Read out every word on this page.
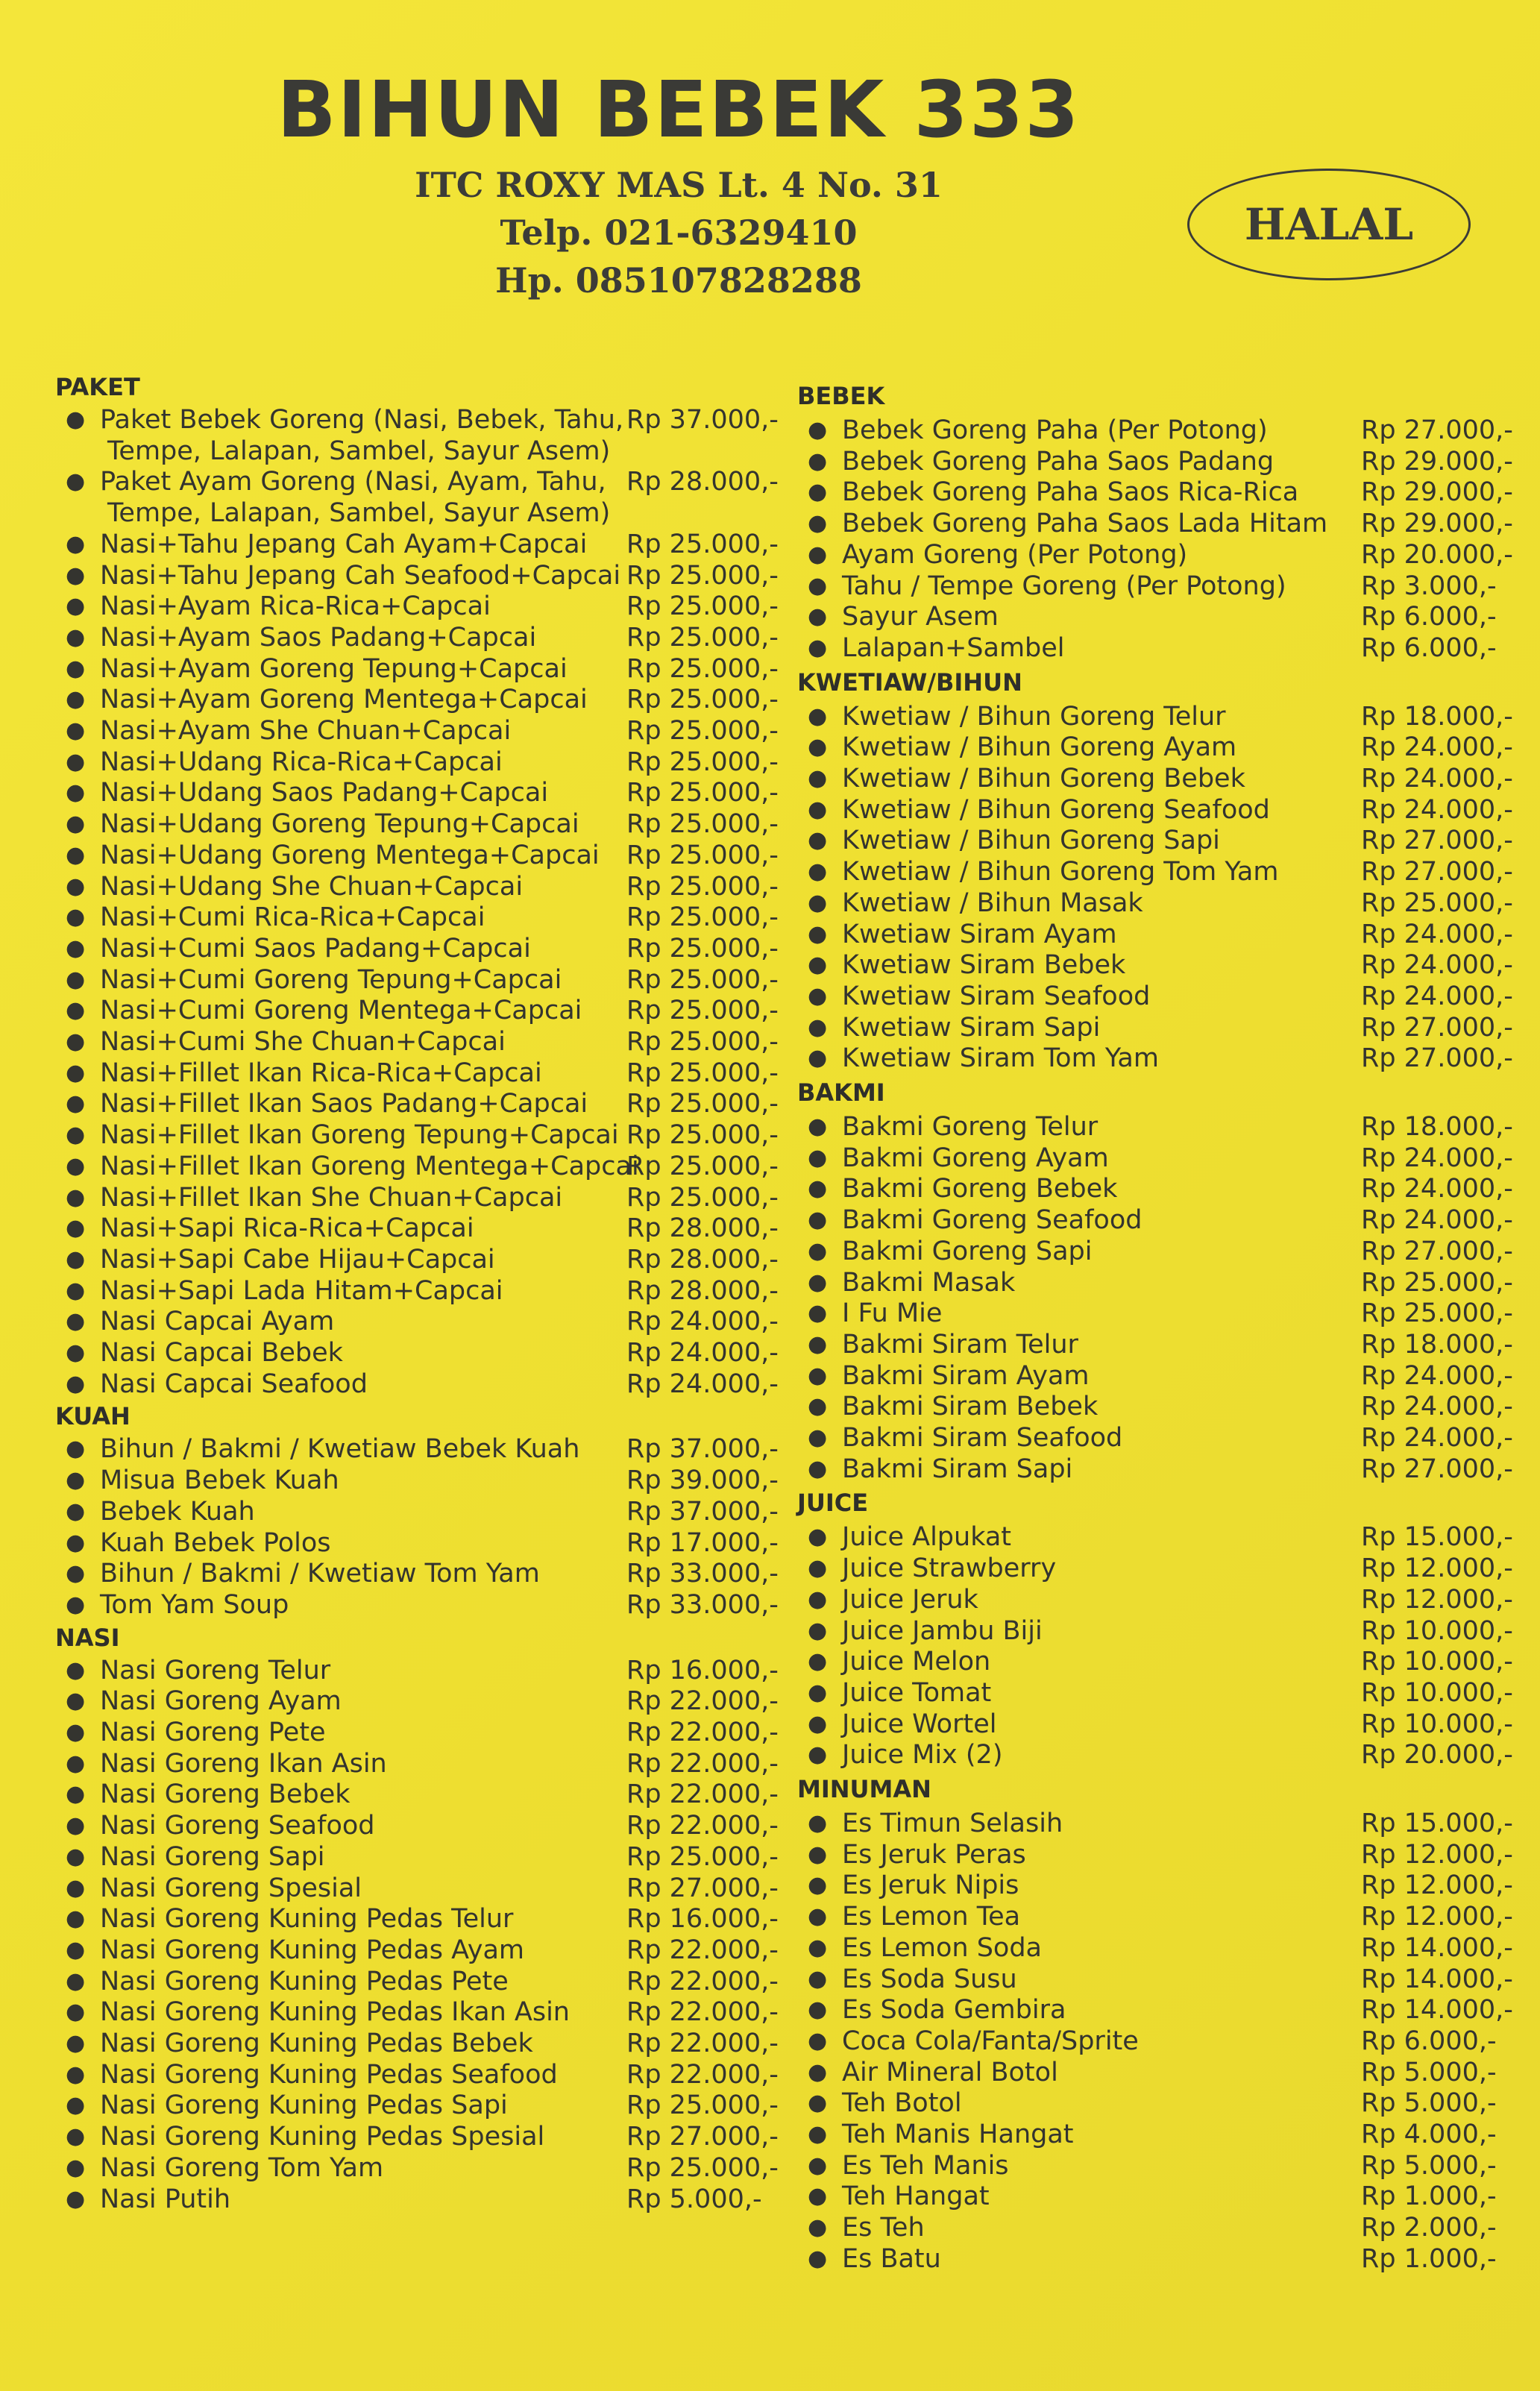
BIHUN BEBEK 333
ITC ROXY MAS Lt. 4 No. 31
Telp. 021-6329410
Hp. 085107828288
HALAL
PAKET
● Paket Bebek Goreng (Nasi, Bebek, Tahu,
Tempe, Lalapan, Sambel, Sayur Asem)
Rp 37.000,-
● Paket Ayam Goreng (Nasi, Ayam, Tahu,
Tempe, Lalapan, Sambel, Sayur Asem)
Rp 28.000,-
● Nasi+Tahu Jepang Cah Ayam+Capcai Rp 25.000,-
● Nasi+Tahu Jepang Cah Seafood+Capcai Rp 25.000,-
● Nasi+Ayam Rica-Rica+Capcai	Rp 25.000,-
● Nasi+Ayam Saos Padang+Capcai	Rp 25.000,-
● Nasi+Ayam Goreng Tepung+Capcai Rp 25.000,-
● Nasi+Ayam Goreng Mentega+Capcai Rp 25.000,-
● Nasi+Ayam She Chuan+Capcai	Rp 25.000,-
● Nasi+Udang Rica-Rica+Capcai	Rp 25.000,-
● Nasi+Udang Saos Padang+Capcai	Rp 25.000,-
● Nasi+Udang Goreng Tepung+Capcai Rp 25.000,-
● Nasi+Udang Goreng Mentega+Capcai Rp 25.000,-
● Nasi+Udang She Chuan+Capcai	Rp 25.000,-
● Nasi+Cumi Rica-Rica+Capcai	Rp 25.000,-
● Nasi+Cumi Saos Padang+Capcai	Rp 25.000,-
● Nasi+Cumi Goreng Tepung+Capcai Rp 25.000,-
● Nasi+Cumi Goreng Mentega+Capcai Rp 25.000,-
● Nasi+Cumi She Chuan+Capcai	Rp 25.000,-
● Nasi+Fillet Ikan Rica-Rica+Capcai	Rp 25.000,-
● Nasi+Fillet Ikan Saos Padang+Capcai Rp 25.000,-
● Nasi+Fillet Ikan Goreng Tepung+Capcai Rp 25.000,-
● Nasi+Fillet Ikan Goreng Mentega+Capcai
Rp 25.000,-
● Nasi+Fillet Ikan She Chuan+Capcai Rp 25.000,-
● Nasi+Sapi Rica-Rica+Capcai	Rp 28.000,-
● Nasi+Sapi Cabe Hijau+Capcai	Rp 28.000,-
● Nasi+Sapi Lada Hitam+Capcai	Rp 28.000,-
● Nasi Capcai Ayam	Rp 24.000,-
● Nasi Capcai Bebek	Rp 24.000,-
● Nasi Capcai Seafood	Rp 24.000,-
KUAH
● Bihun / Bakmi / Kwetiaw Bebek Kuah Rp 37.000,-
● Misua Bebek Kuah	Rp 39.000,-
● Bebek Kuah	Rp 37.000,-
● Kuah Bebek Polos	Rp 17.000,-
● Bihun / Bakmi / Kwetiaw Tom Yam	Rp 33.000,-
● Tom Yam Soup	Rp 33.000,-
NASI
● Nasi Goreng Telur	Rp 16.000,-
● Nasi Goreng Ayam	Rp 22.000,-
● Nasi Goreng Pete	Rp 22.000,-
● Nasi Goreng Ikan Asin	Rp 22.000,-
● Nasi Goreng Bebek	Rp 22.000,-
● Nasi Goreng Seafood	Rp 22.000,-
● Nasi Goreng Sapi	Rp 25.000,-
● Nasi Goreng Spesial	Rp 27.000,-
● Nasi Goreng Kuning Pedas Telur	Rp 16.000,-
● Nasi Goreng Kuning Pedas Ayam	Rp 22.000,-
● Nasi Goreng Kuning Pedas Pete	Rp 22.000,-
● Nasi Goreng Kuning Pedas Ikan Asin Rp 22.000,-
● Nasi Goreng Kuning Pedas Bebek	Rp 22.000,-
● Nasi Goreng Kuning Pedas Seafood	Rp 22.000,-
● Nasi Goreng Kuning Pedas Sapi	Rp 25.000,-
● Nasi Goreng Kuning Pedas Spesial	Rp 27.000,-
● Nasi Goreng Tom Yam	Rp 25.000,-
● Nasi Putih	Rp 5.000,-
BEBEK
● Bebek Goreng Paha (Per Potong)	Rp 27.000,-
● Bebek Goreng Paha Saos Padang	Rp 29.000,-
● Bebek Goreng Paha Saos Rica-Rica Rp 29.000,-
● Bebek Goreng Paha Saos Lada Hitam Rp 29.000,-
● Ayam Goreng (Per Potong)	Rp 20.000,-
● Tahu / Tempe Goreng (Per Potong)	Rp 3.000,-
● Sayur Asem	Rp 6.000,-
● Lalapan+Sambel	Rp 6.000,-
KWETIAW/BIHUN
● Kwetiaw / Bihun Goreng Telur	Rp 18.000,-
● Kwetiaw / Bihun Goreng Ayam	Rp 24.000,-
● Kwetiaw / Bihun Goreng Bebek	Rp 24.000,-
● Kwetiaw / Bihun Goreng Seafood	Rp 24.000,-
● Kwetiaw / Bihun Goreng Sapi	Rp 27.000,-
● Kwetiaw / Bihun Goreng Tom Yam	Rp 27.000,-
● Kwetiaw / Bihun Masak	Rp 25.000,-
● Kwetiaw Siram Ayam	Rp 24.000,-
● Kwetiaw Siram Bebek	Rp 24.000,-
● Kwetiaw Siram Seafood	Rp 24.000,-
● Kwetiaw Siram Sapi	Rp 27.000,-
● Kwetiaw Siram Tom Yam	Rp 27.000,-
BAKMI
● Bakmi Goreng Telur	Rp 18.000,-
● Bakmi Goreng Ayam	Rp 24.000,-
● Bakmi Goreng Bebek	Rp 24.000,-
● Bakmi Goreng Seafood	Rp 24.000,-
● Bakmi Goreng Sapi	Rp 27.000,-
● Bakmi Masak	Rp 25.000,-
● I Fu Mie	Rp 25.000,-
● Bakmi Siram Telur	Rp 18.000,-
● Bakmi Siram Ayam	Rp 24.000,-
● Bakmi Siram Bebek	Rp 24.000,-
● Bakmi Siram Seafood	Rp 24.000,-
● Bakmi Siram Sapi	Rp 27.000,-
JUICE
● Juice Alpukat	Rp 15.000,-
● Juice Strawberry	Rp 12.000,-
● Juice Jeruk	Rp 12.000,-
● Juice Jambu Biji	Rp 10.000,-
● Juice Melon	Rp 10.000,-
● Juice Tomat	Rp 10.000,-
● Juice Wortel	Rp 10.000,-
● Juice Mix (2)	Rp 20.000,-
MINUMAN
● Es Timun Selasih	Rp 15.000,-
● Es Jeruk Peras	Rp 12.000,-
● Es Jeruk Nipis	Rp 12.000,-
● Es Lemon Tea	Rp 12.000,-
● Es Lemon Soda	Rp 14.000,-
● Es Soda Susu	Rp 14.000,-
● Es Soda Gembira	Rp 14.000,-
● Coca Cola/Fanta/Sprite	Rp 6.000,-
● Air Mineral Botol	Rp 5.000,-
● Teh Botol	Rp 5.000,-
● Teh Manis Hangat	Rp 4.000,-
● Es Teh Manis	Rp 5.000,-
● Teh Hangat	Rp 1.000,-
● Es Teh	Rp 2.000,-
● Es Batu	Rp 1.000,-
